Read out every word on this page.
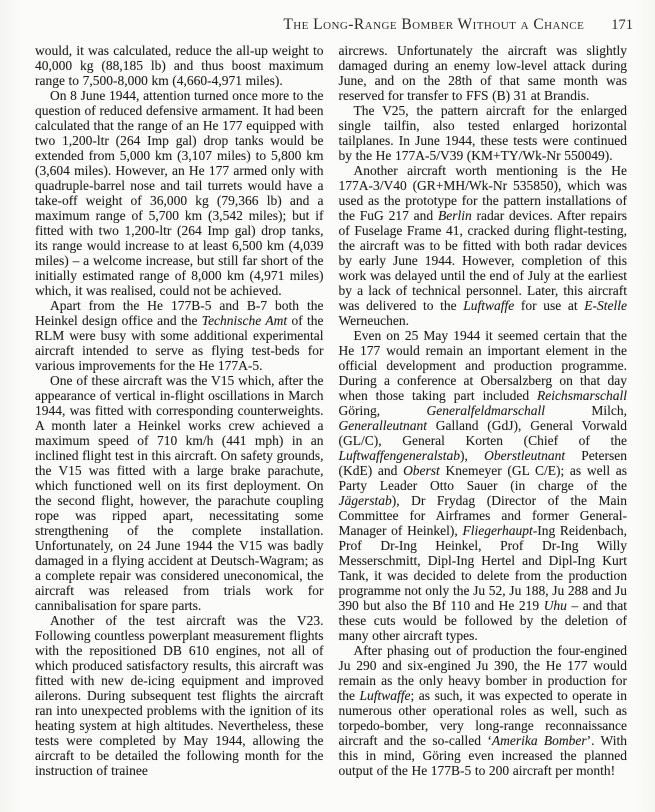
The Long-Range Bomber Without a Chance 171

would, it was calculated, reduce the all-up weight to 40,000 kg (88,185 lb) and thus boost maximum range to 7,500-8,000 km (4,660-4,971 miles).

On 8 June 1944, attention turned once more to the question of reduced defensive armament. It had been calculated that the range of an He 177 equipped with two 1,200-ltr (264 Imp gal) drop tanks would be extended from 5,000 km (3,107 miles) to 5,800 km (3,604 miles). However, an He 177 armed only with quadruple-barrel nose and tail turrets would have a take-off weight of 36,000 kg (79,366 lb) and a maximum range of 5,700 km (3,542 miles); but if fitted with two 1,200-ltr (264 Imp gal) drop tanks, its range would increase to at least 6,500 km (4,039 miles) – a welcome increase, but still far short of the initially estimated range of 8,000 km (4,971 miles) which, it was realised, could not be achieved.

Apart from the He 177B-5 and B-7 both the Heinkel design office and the Technische Amt of the RLM were busy with some additional experimental aircraft intended to serve as flying test-beds for various improvements for the He 177A-5.

One of these aircraft was the V15 which, after the appearance of vertical in-flight oscillations in March 1944, was fitted with corresponding counterweights. A month later a Heinkel works crew achieved a maximum speed of 710 km/h (441 mph) in an inclined flight test in this aircraft. On safety grounds, the V15 was fitted with a large brake parachute, which functioned well on its first deployment. On the second flight, however, the parachute coupling rope was ripped apart, necessitating some strengthening of the complete installation. Unfortunately, on 24 June 1944 the V15 was badly damaged in a flying accident at Deutsch-Wagram; as a complete repair was considered uneconomical, the aircraft was released from trials work for cannibalisation for spare parts.

Another of the test aircraft was the V23. Following countless powerplant measurement flights with the repositioned DB 610 engines, not all of which produced satisfactory results, this aircraft was fitted with new de-icing equipment and improved ailerons. During subsequent test flights the aircraft ran into unexpected problems with the ignition of its heating system at high altitudes. Nevertheless, these tests were completed by May 1944, allowing the aircraft to be detailed the following month for the instruction of trainee

aircrews. Unfortunately the aircraft was slightly damaged during an enemy low-level attack during June, and on the 28th of that same month was reserved for transfer to FFS (B) 31 at Brandis.

The V25, the pattern aircraft for the enlarged single tailfin, also tested enlarged horizontal tailplanes. In June 1944, these tests were continued by the He 177A-5/V39 (KM+TY/Wk-Nr 550049).

Another aircraft worth mentioning is the He 177A-3/V40 (GR+MH/Wk-Nr 535850), which was used as the prototype for the pattern installations of the FuG 217 and Berlin radar devices. After repairs of Fuselage Frame 41, cracked during flight-testing, the aircraft was to be fitted with both radar devices by early June 1944. However, completion of this work was delayed until the end of July at the earliest by a lack of technical personnel. Later, this aircraft was delivered to the Luftwaffe for use at E-Stelle Werneuchen.

Even on 25 May 1944 it seemed certain that the He 177 would remain an important element in the official development and production programme. During a conference at Obersalzberg on that day when those taking part included Reichsmarschall Göring, Generalfeldmarschall Milch, Generalleutnant Galland (GdJ), General Vorwald (GL/C), General Korten (Chief of the Luftwaffengeneralstab), Oberstleutnant Petersen (KdE) and Oberst Knemeyer (GL C/E); as well as Party Leader Otto Sauer (in charge of the Jägerstab), Dr Frydag (Director of the Main Committee for Airframes and former General-Manager of Heinkel), Fliegerhaupt-Ing Reidenbach, Prof Dr-Ing Heinkel, Prof Dr-Ing Willy Messerschmitt, Dipl-Ing Hertel and Dipl-Ing Kurt Tank, it was decided to delete from the production programme not only the Ju 52, Ju 188, Ju 288 and Ju 390 but also the Bf 110 and He 219 Uhu – and that these cuts would be followed by the deletion of many other aircraft types.

After phasing out of production the four-engined Ju 290 and six-engined Ju 390, the He 177 would remain as the only heavy bomber in production for the Luftwaffe; as such, it was expected to operate in numerous other operational roles as well, such as torpedo-bomber, very long-range reconnaissance aircraft and the so-called ‘Amerika Bomber’. With this in mind, Göring even increased the planned output of the He 177B-5 to 200 aircraft per month!
